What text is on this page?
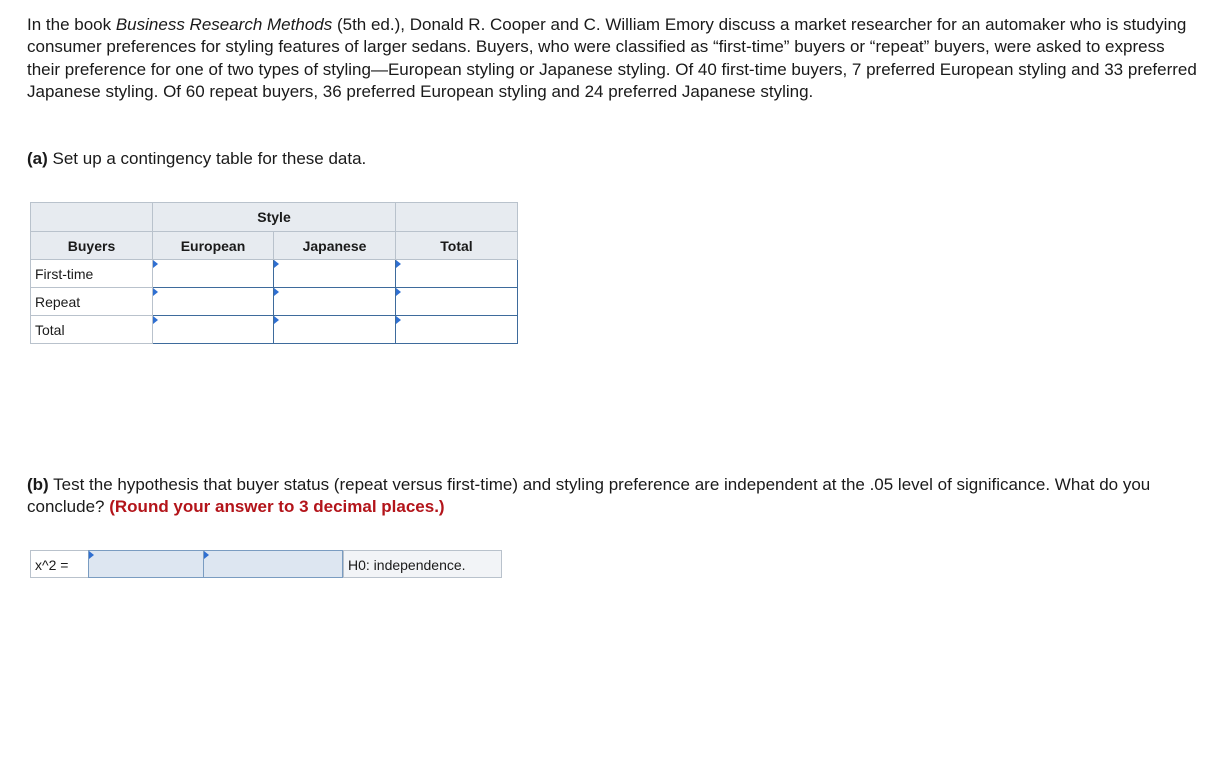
In the book Business Research Methods (5th ed.), Donald R. Cooper and C. William Emory discuss a market researcher for an automaker who is studying consumer preferences for styling features of larger sedans. Buyers, who were classified as “first-time” buyers or “repeat” buyers, were asked to express their preference for one of two types of styling—European styling or Japanese styling. Of 40 first-time buyers, 7 preferred European styling and 33 preferred Japanese styling. Of 60 repeat buyers, 36 preferred European styling and 24 preferred Japanese styling.

(a) Set up a contingency table for these data.

	Style		
Buyers	European	Japanese	Total
First-time	

Repeat	

Total	

(b) Test the hypothesis that buyer status (repeat versus first-time) and styling preference are independent at the .05 level of significance. What do you conclude? (Round your answer to 3 decimal places.)

x^2 =	H0: independence.
